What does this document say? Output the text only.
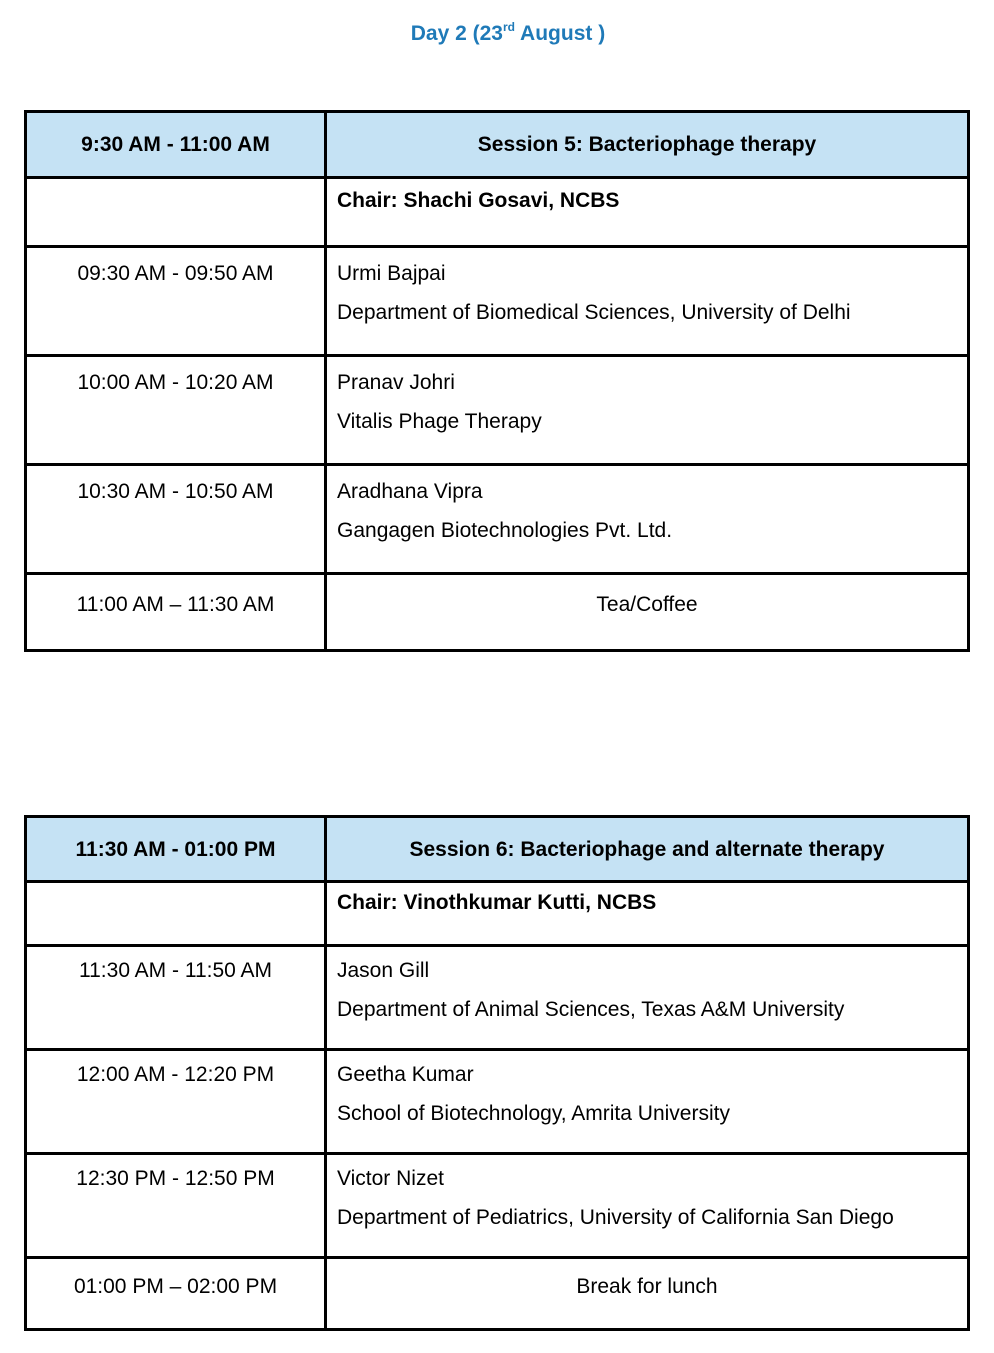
Day 2 (23rd August )
9:30 AM - 11:00 AM	Session 5: Bacteriophage therapy
	Chair: Shachi Gosavi, NCBS
09:30 AM - 09:50 AM	Urmi Bajpai
Department of Biomedical Sciences, University of Delhi

10:00 AM - 10:20 AM	Pranav Johri
Vitalis Phage Therapy

10:30 AM - 10:50 AM	Aradhana Vipra
Gangagen Biotechnologies Pvt. Ltd.

11:00 AM – 11:30 AM	Tea/Coffee
11:30 AM - 01:00 PM	Session 6: Bacteriophage and alternate therapy
	Chair: Vinothkumar Kutti, NCBS
11:30 AM - 11:50 AM	Jason Gill
Department of Animal Sciences, Texas A&M University

12:00 AM - 12:20 PM	Geetha Kumar
School of Biotechnology, Amrita University

12:30 PM - 12:50 PM	Victor Nizet
Department of Pediatrics, University of California San Diego

01:00 PM – 02:00 PM	Break for lunch
